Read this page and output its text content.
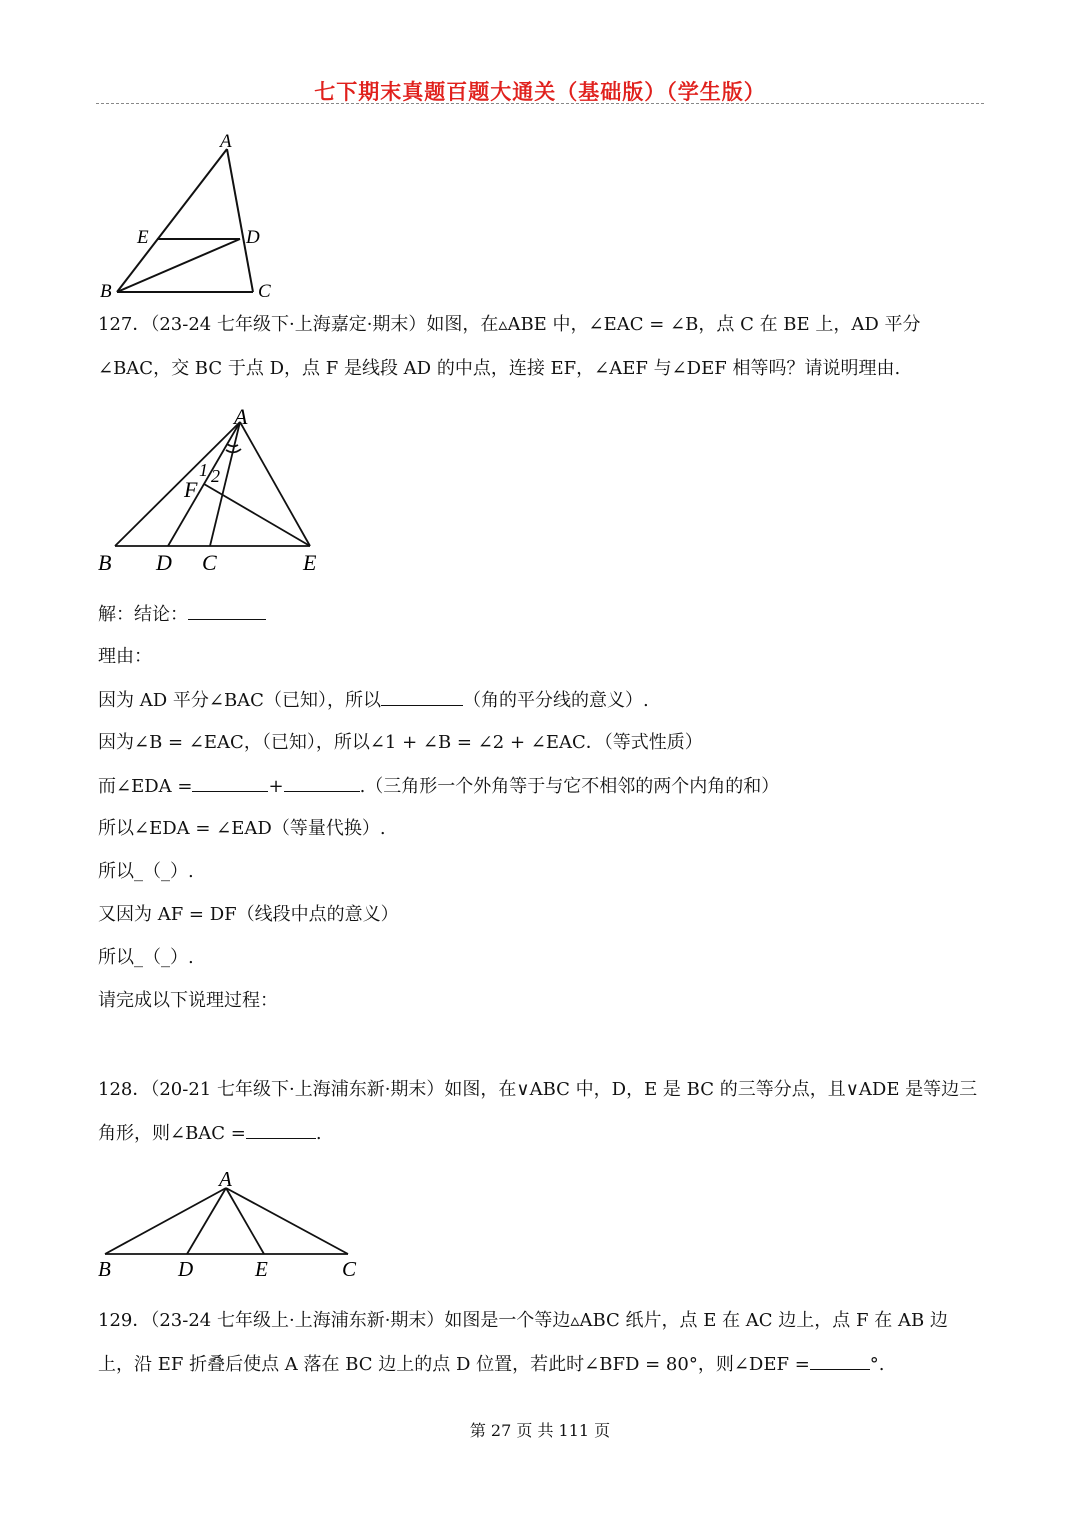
七下期末真题百题大通关（基础版）（学生版）
A
E	D
B	C
127．（23-24 七年级下·上海嘉定·期末）如图，在▵ABE 中，∠EAC = ∠B，点 C 在 BE 上，AD 平分
∠BAC，交 BC 于点 D，点 F 是线段 AD 的中点，连接 EF，∠AEF 与∠DEF 相等吗？请说明理由.
A
1 2
F
B D C	E
解：结论：
理由：
因为 AD 平分∠BAC（已知），所以	（角的平分线的意义）.
因为∠B = ∠EAC，（已知），所以∠1 + ∠B = ∠2 + ∠EAC．（等式性质）
而∠EDA =	+	.（三角形一个外角等于与它不相邻的两个内角的和）
所以∠EDA = ∠EAD（等量代换）.
所以_（_）.
又因为 AF = DF（线段中点的意义）
所以_（_）.
请完成以下说理过程：
128．（20-21 七年级下·上海浦东新·期末）如图，在∨ABC 中，D，E 是 BC 的三等分点，且∨ADE 是等边三
角形，则∠BAC =	.
A
B	D	E	C
129．（23-24 七年级上·上海浦东新·期末）如图是一个等边▵ABC 纸片，点 E 在 AC 边上，点 F 在 AB 边
上，沿 EF 折叠后使点 A 落在 BC 边上的点 D 位置，若此时∠BFD = 80°，则∠DEF =	°.
第 27 页 共 111 页
